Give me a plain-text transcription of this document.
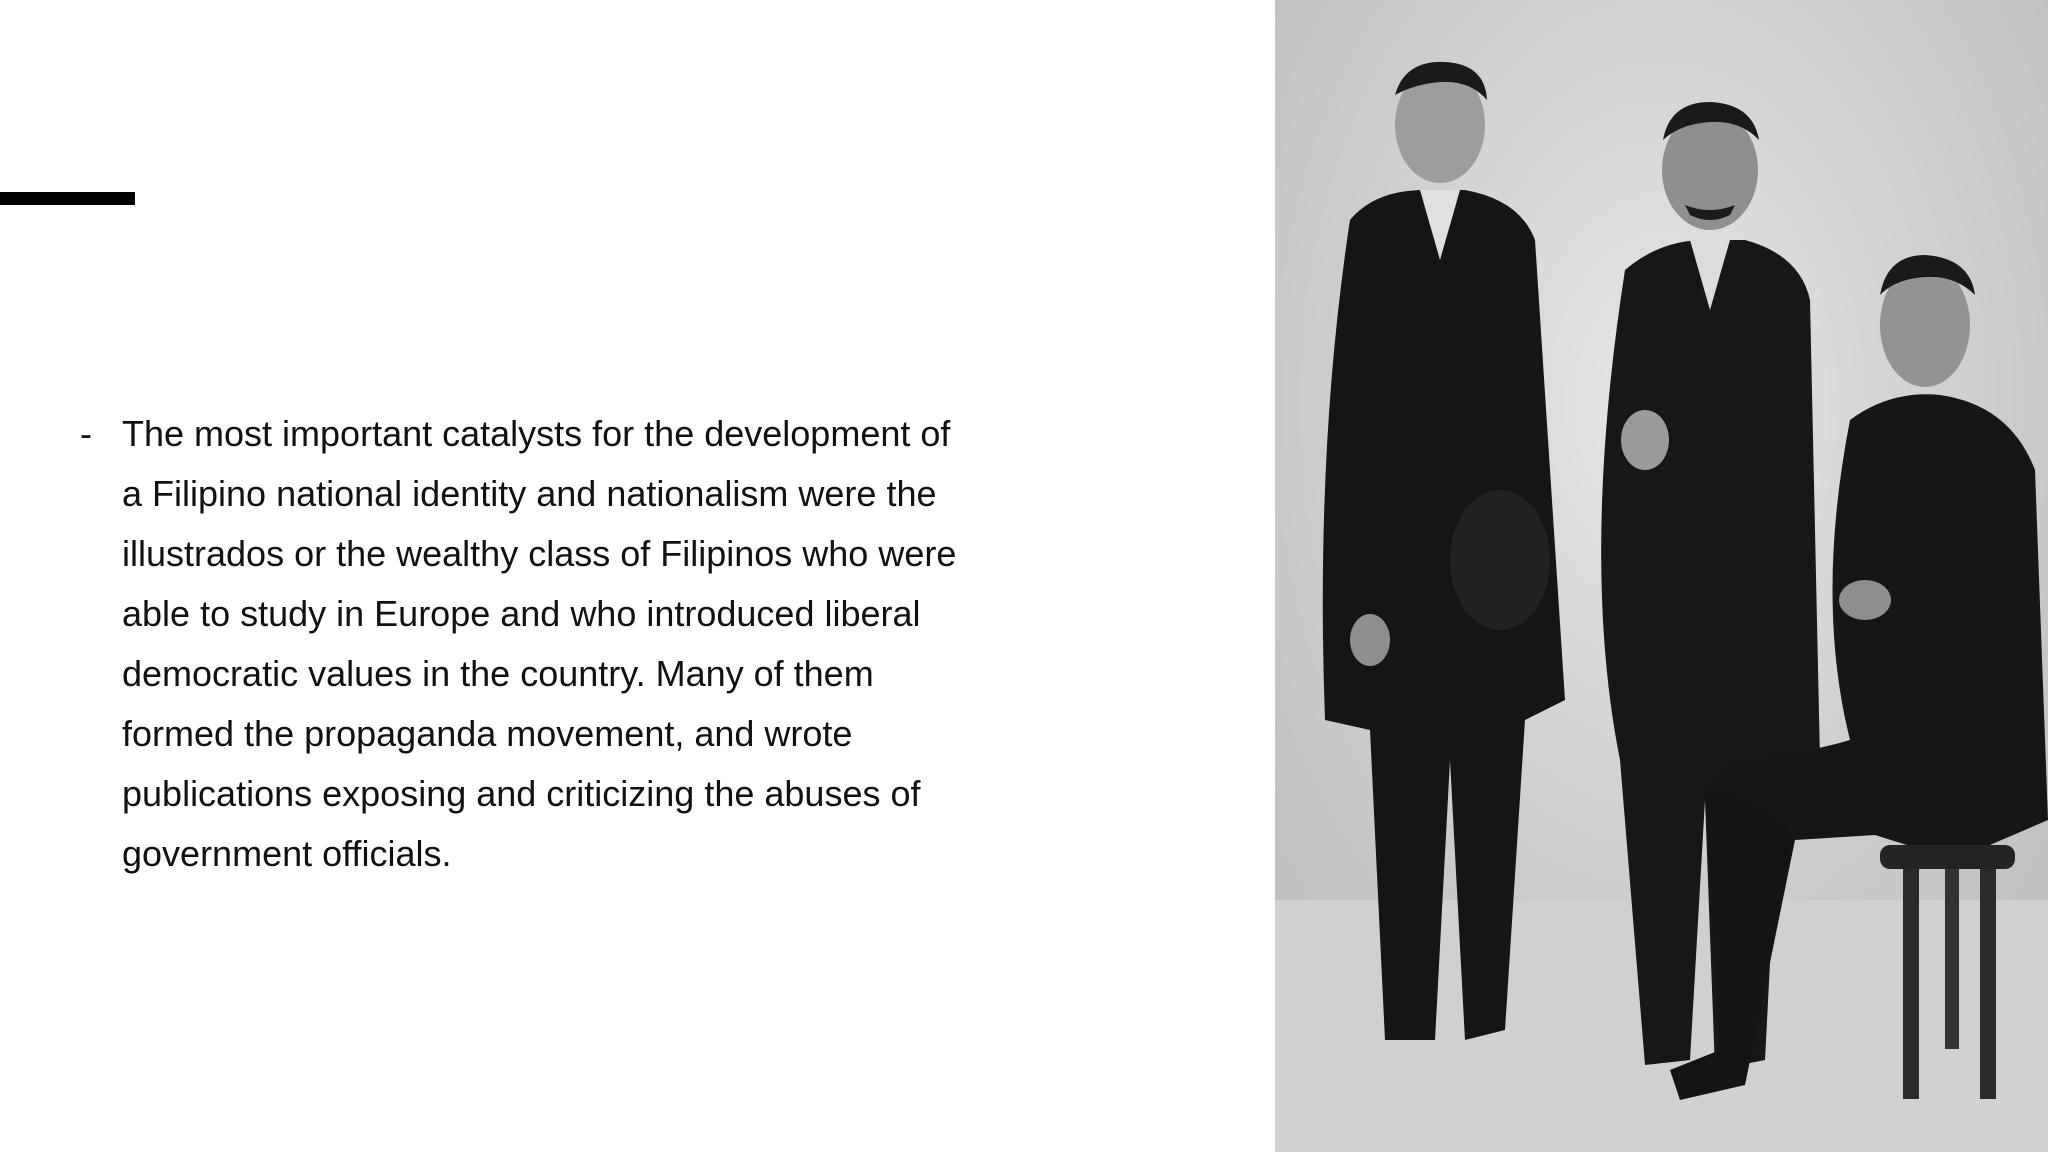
- The most important catalysts for the development of a Filipino national identity and nationalism were the illustrados or the wealthy class of Filipinos who were able to study in Europe and who introduced liberal democratic values in the country. Many of them formed the propaganda movement, and wrote publications exposing and criticizing the abuses of government officials.
